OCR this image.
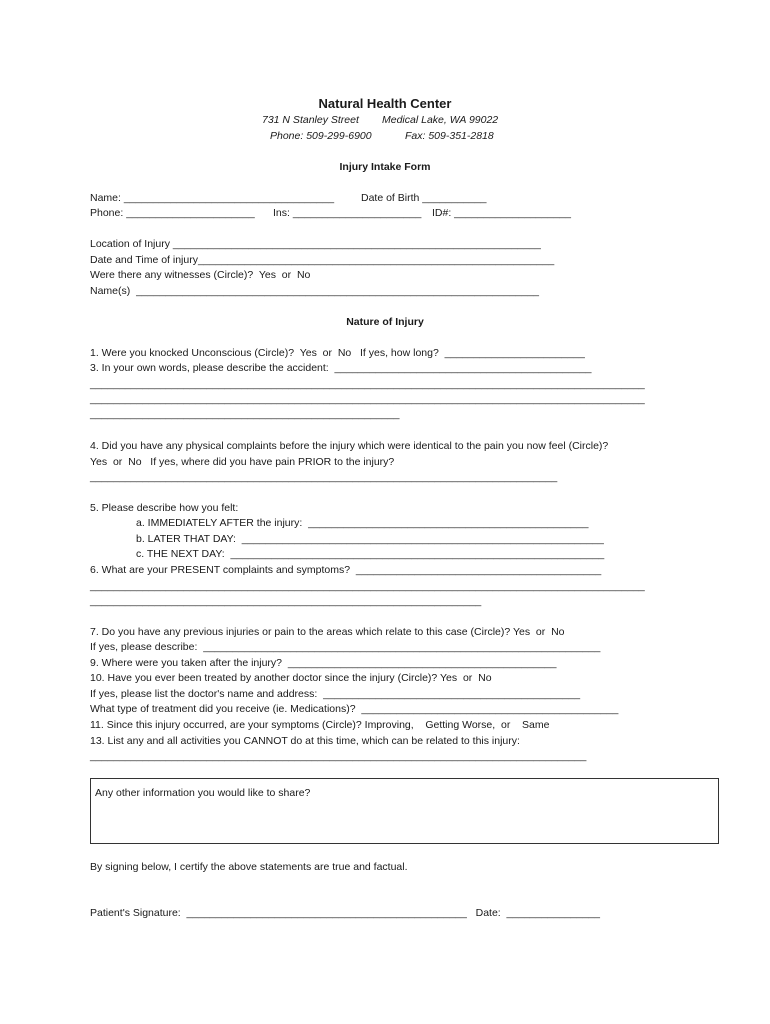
Natural Health Center
731 N Stanley Street Medical Lake, WA 99022
Phone: 509-299-6900	Fax: 509-351-2818
Injury Intake Form
Name: ____________________________________	Date of Birth ___________
Phone: ______________________ Ins: ______________________ ID#: ____________________
Location of Injury _______________________________________________________________
Date and Time of injury_____________________________________________________________
Were there any witnesses (Circle)?  Yes  or  No
Name(s)  _____________________________________________________________________
Nature of Injury
1. Were you knocked Unconscious (Circle)?  Yes  or  No   If yes, how long?  ________________________
3. In your own words, please describe the accident:  ____________________________________________
_______________________________________________________________________________________________
_______________________________________________________________________________________________
_____________________________________________________
4. Did you have any physical complaints before the injury which were identical to the pain you now feel (Circle)?
Yes  or  No   If yes, where did you have pain PRIOR to the injury?
________________________________________________________________________________
5. Please describe how you felt:
a. IMMEDIATELY AFTER the injury:  ________________________________________________
b. LATER THAT DAY:  ______________________________________________________________
c. THE NEXT DAY:  ________________________________________________________________
6. What are your PRESENT complaints and symptoms?  __________________________________________
_______________________________________________________________________________________________
___________________________________________________________________
7. Do you have any previous injuries or pain to the areas which relate to this case (Circle)? Yes  or  No
If yes, please describe:  ____________________________________________________________________
9. Where were you taken after the injury?  ______________________________________________
10. Have you ever been treated by another doctor since the injury (Circle)? Yes  or  No
If yes, please list the doctor's name and address:  ____________________________________________
What type of treatment did you receive (ie. Medications)?  ____________________________________________
11. Since this injury occurred, are your symptoms (Circle)? Improving,    Getting Worse,  or    Same
13. List any and all activities you CANNOT do at this time, which can be related to this injury:
_____________________________________________________________________________________
Any other information you would like to share?
By signing below, I certify the above statements are true and factual.
Patient's Signature:  ________________________________________________   Date:  ________________
